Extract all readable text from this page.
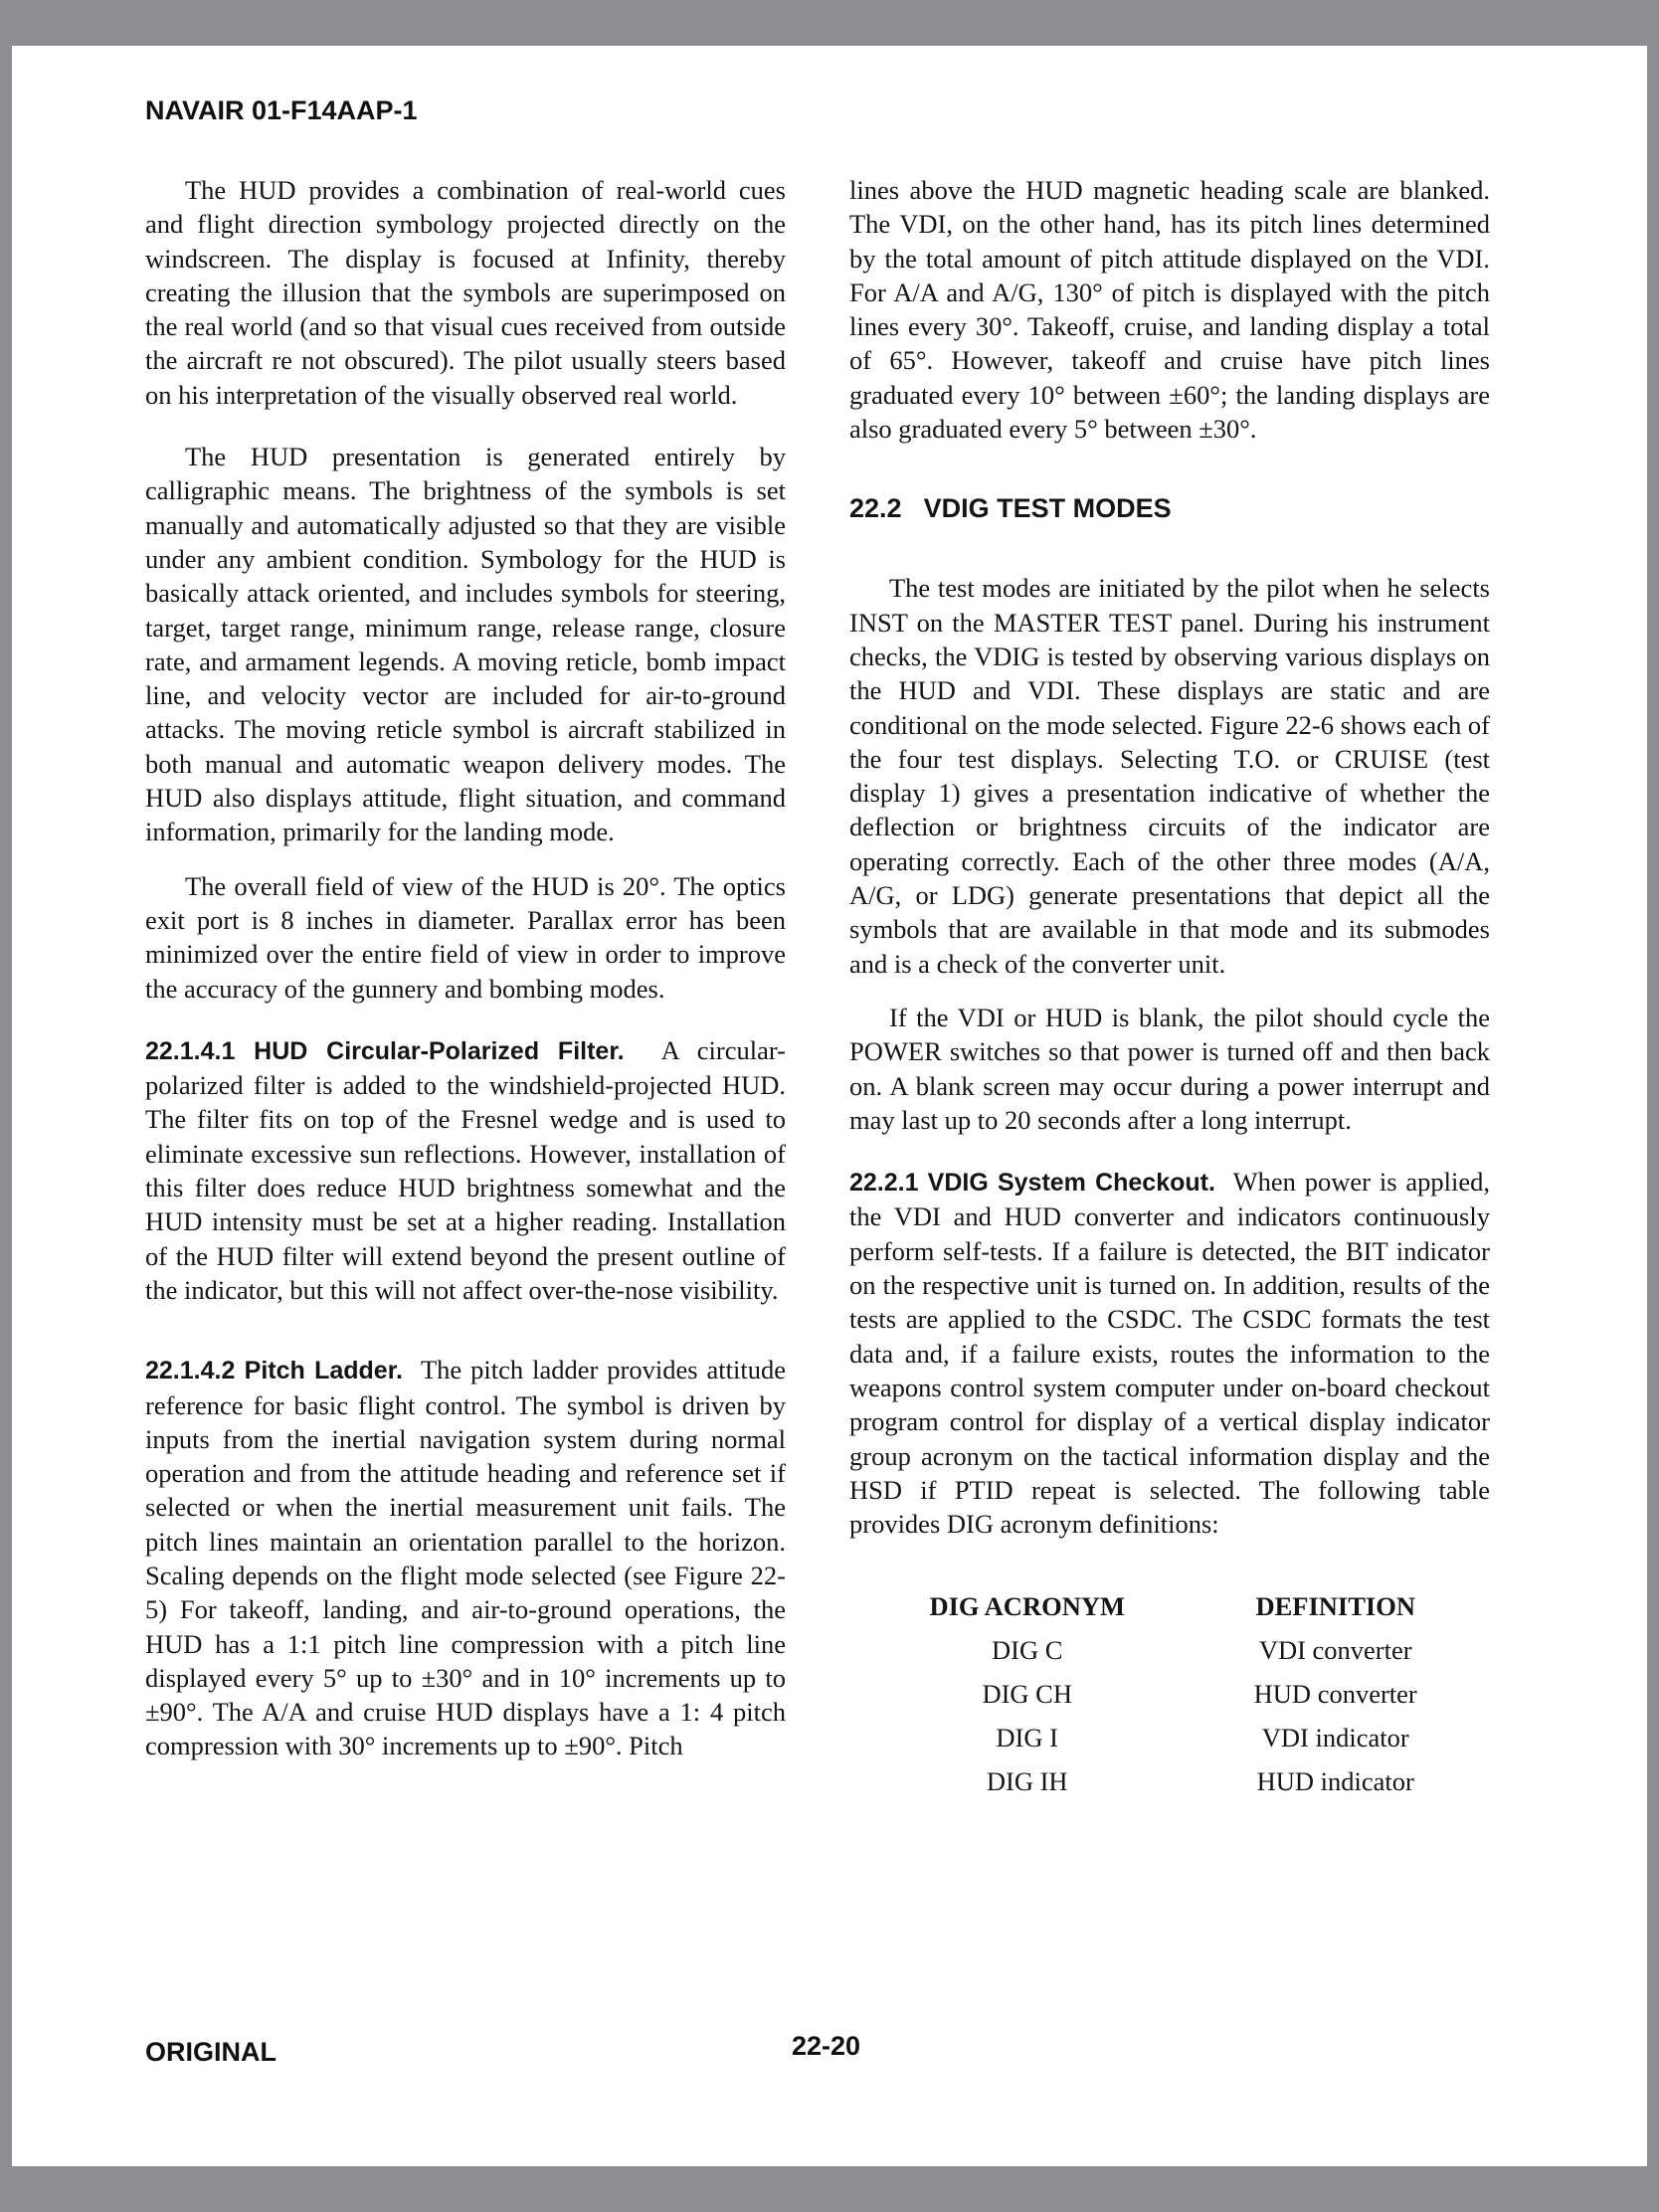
NAVAIR 01-F14AAP-1

The HUD provides a combination of real-world cues and flight direction symbology projected directly on the windscreen. The display is focused at Infinity, thereby creating the illusion that the symbols are superimposed on the real world (and so that visual cues received from outside the aircraft re not obscured). The pilot usually steers based on his interpretation of the visually observed real world.

The HUD presentation is generated entirely by calligraphic means. The brightness of the symbols is set manually and automatically adjusted so that they are visible under any ambient condition. Symbology for the HUD is basically attack oriented, and includes symbols for steering, target, target range, minimum range, release range, closure rate, and armament legends. A moving reticle, bomb impact line, and velocity vector are included for air-to-ground attacks. The moving reticle symbol is aircraft stabilized in both manual and automatic weapon delivery modes. The HUD also displays attitude, flight situation, and command information, primarily for the landing mode.

The overall field of view of the HUD is 20°. The optics exit port is 8 inches in diameter. Parallax error has been minimized over the entire field of view in order to improve the accuracy of the gunnery and bombing modes.

22.1.4.1 HUD Circular-Polarized Filter. A circular-polarized filter is added to the windshield-projected HUD. The filter fits on top of the Fresnel wedge and is used to eliminate excessive sun reflections. However, installation of this filter does reduce HUD brightness somewhat and the HUD intensity must be set at a higher reading. Installation of the HUD filter will extend beyond the present outline of the indicator, but this will not affect over-the-nose visibility.

22.1.4.2 Pitch Ladder. The pitch ladder provides attitude reference for basic flight control. The symbol is driven by inputs from the inertial navigation system during normal operation and from the attitude heading and reference set if selected or when the inertial measurement unit fails. The pitch lines maintain an orientation parallel to the horizon. Scaling depends on the flight mode selected (see Figure 22-5) For takeoff, landing, and air-to-ground operations, the HUD has a 1:1 pitch line compression with a pitch line displayed every 5° up to ±30° and in 10° increments up to ±90°. The A/A and cruise HUD displays have a 1: 4 pitch compression with 30° increments up to ±90°. Pitch

lines above the HUD magnetic heading scale are blanked. The VDI, on the other hand, has its pitch lines determined by the total amount of pitch attitude displayed on the VDI. For A/A and A/G, 130° of pitch is displayed with the pitch lines every 30°. Takeoff, cruise, and landing display a total of 65°. However, takeoff and cruise have pitch lines graduated every 10° between ±60°; the landing displays are also graduated every 5° between ±30°.

22.2 VDIG TEST MODES

The test modes are initiated by the pilot when he selects INST on the MASTER TEST panel. During his instrument checks, the VDIG is tested by observing various displays on the HUD and VDI. These displays are static and are conditional on the mode selected. Figure 22-6 shows each of the four test displays. Selecting T.O. or CRUISE (test display 1) gives a presentation indicative of whether the deflection or brightness circuits of the indicator are operating correctly. Each of the other three modes (A/A, A/G, or LDG) generate presentations that depict all the symbols that are available in that mode and its submodes and is a check of the converter unit.

If the VDI or HUD is blank, the pilot should cycle the POWER switches so that power is turned off and then back on. A blank screen may occur during a power interrupt and may last up to 20 seconds after a long interrupt.

22.2.1 VDIG System Checkout. When power is applied, the VDI and HUD converter and indicators continuously perform self-tests. If a failure is detected, the BIT indicator on the respective unit is turned on. In addition, results of the tests are applied to the CSDC. The CSDC formats the test data and, if a failure exists, routes the information to the weapons control system computer under on-board checkout program control for display of a vertical display indicator group acronym on the tactical information display and the HSD if PTID repeat is selected. The following table provides DIG acronym definitions:

DIG ACRONYM	DEFINITION
DIG C	VDI converter
DIG CH	HUD converter
DIG I	VDI indicator
DIG IH	HUD indicator
ORIGINAL	22-20
